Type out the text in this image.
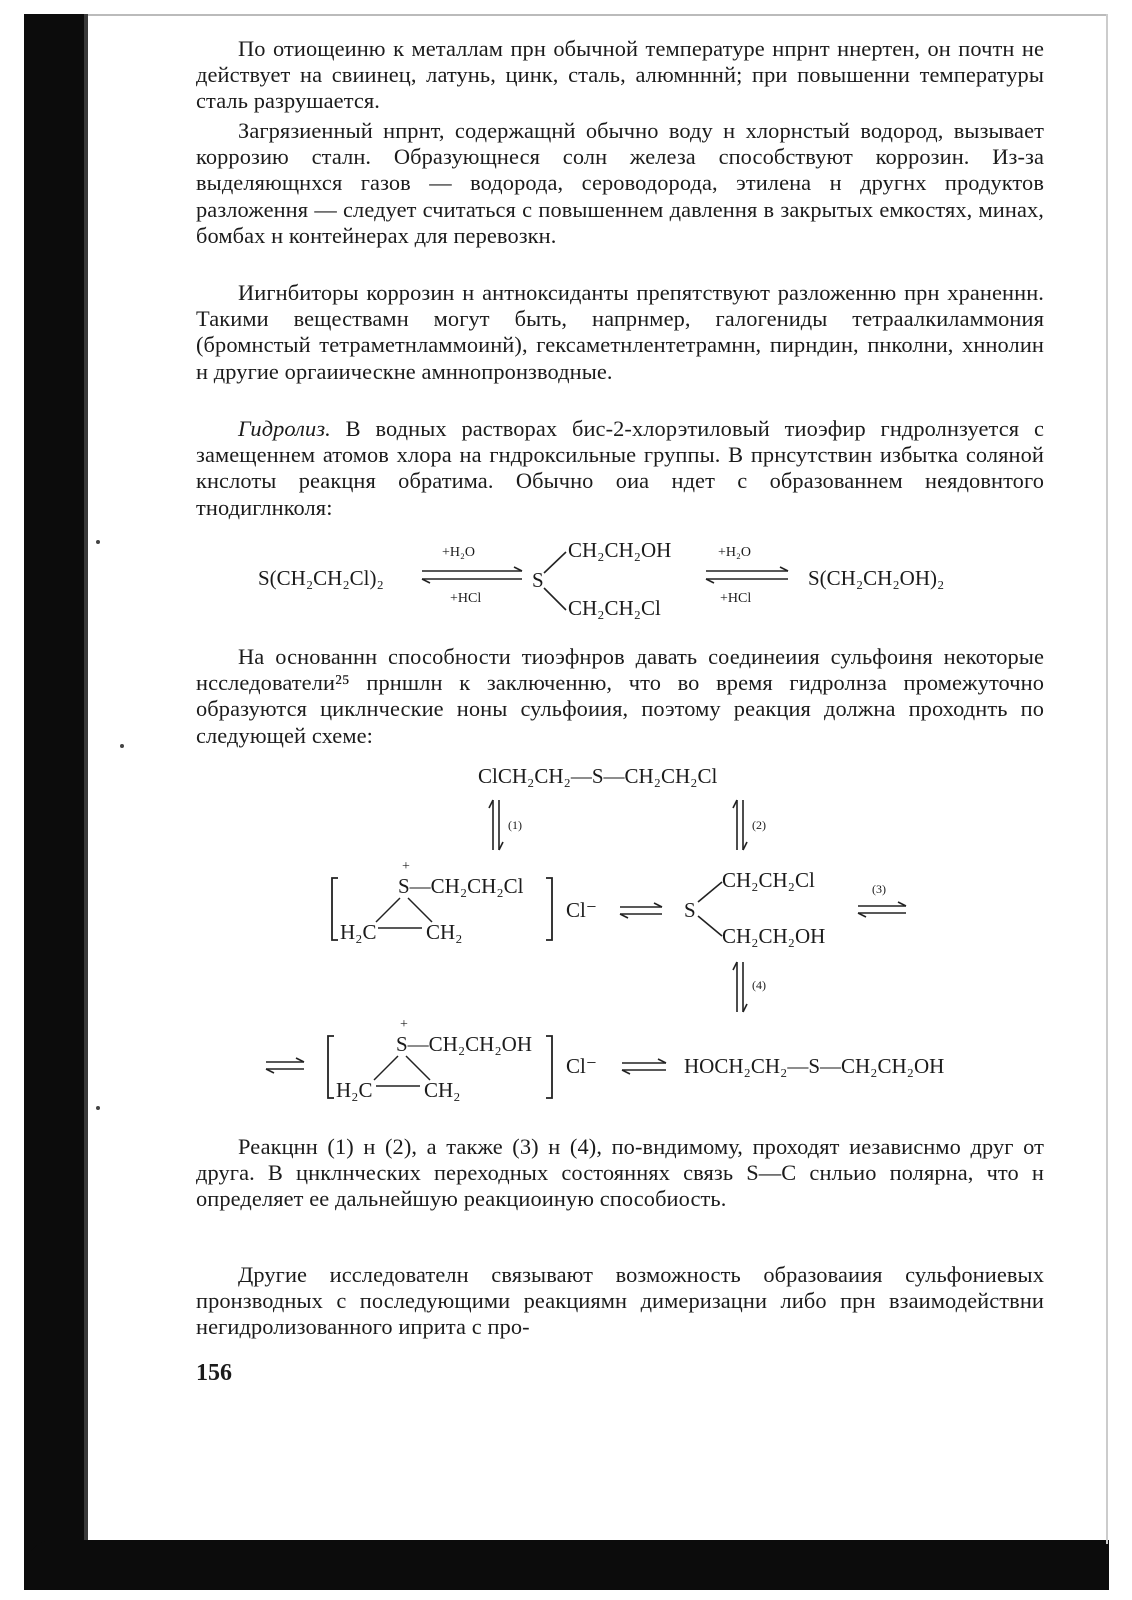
По отиощеиню к металлам прн обычной температуре нпрнт ннертен, он почтн не действует на свиинец, латунь, цинк, сталь, алюмнннй; при повышенни температуры сталь разрушается.

Загрязиенный нпрнт, содержащнй обычно воду н хлорнстый водород, вызывает коррозию сталн. Образующнеся солн железа способствуют коррозин. Из-за выделяющнхся газов — водорода, сероводорода, этилена н другнх продуктов разложення — следует считаться с повышеннем давлення в закрытых емкостях, минах, бомбах н контейнерах для перевозкн.

Иигнбиторы коррозин н антноксиданты препятствуют разложенню прн храненнн. Такими веществамн могут быть, напрнмер, галогениды тетраалкиламмония (бромнстый тетраметнламмоинй), гексаметнлентетрамнн, пирндин, пнколни, хннолин н другие оргаиическне амннопронзводные.

Гидролиз. В водных растворах бис-2-хлорэтиловый тиоэфир гндролнзуется с замещеннем атомов хлора на гндроксильные группы. В прнсутствин избытка соляной кнслоты реакцня обратима. Обычно оиа ндет с образованнем неядовнтого тнодиглнколя:

S(CH₂CH₂Cl)₂
+H₂O
+HCl
S
CH₂CH₂OH
CH₂CH₂Cl
+H₂O
+HCl
S(CH₂CH₂OH)₂

На основаннн способности тиоэфнров давать соединеиия сульфоиня некоторые нсследователи²⁵ прншлн к заключенню, что во время гидролнза промежуточно образуются циклнческие ноны сульфоиия, поэтому реакция должна проходнть по следующей схеме:

ClCH₂CH₂—S—CH₂CH₂Cl
(1)	(2)
(3)
(4)
+
S—CH₂CH₂Cl
H₂C CH₂
Cl⁻	S
CH₂CH₂Cl
CH₂CH₂OH
+
S—CH₂CH₂OH
H₂C CH₂
Cl⁻	HOCH₂CH₂—S—CH₂CH₂OH

Реакцнн (1) н (2), а также (3) н (4), по-вндимому, проходят иезависнмо друг от друга. В цнклнческих переходных состояннях связь S—C снльио полярна, что н определяет ее дальнейшую реакциоиную способиость.

Другие исследователн связывают возможность образоваиия сульфониевых пронзводных с последующими реакциямн димеризацни либо прн взаимодействни негидролизованного иприта с про-

156
